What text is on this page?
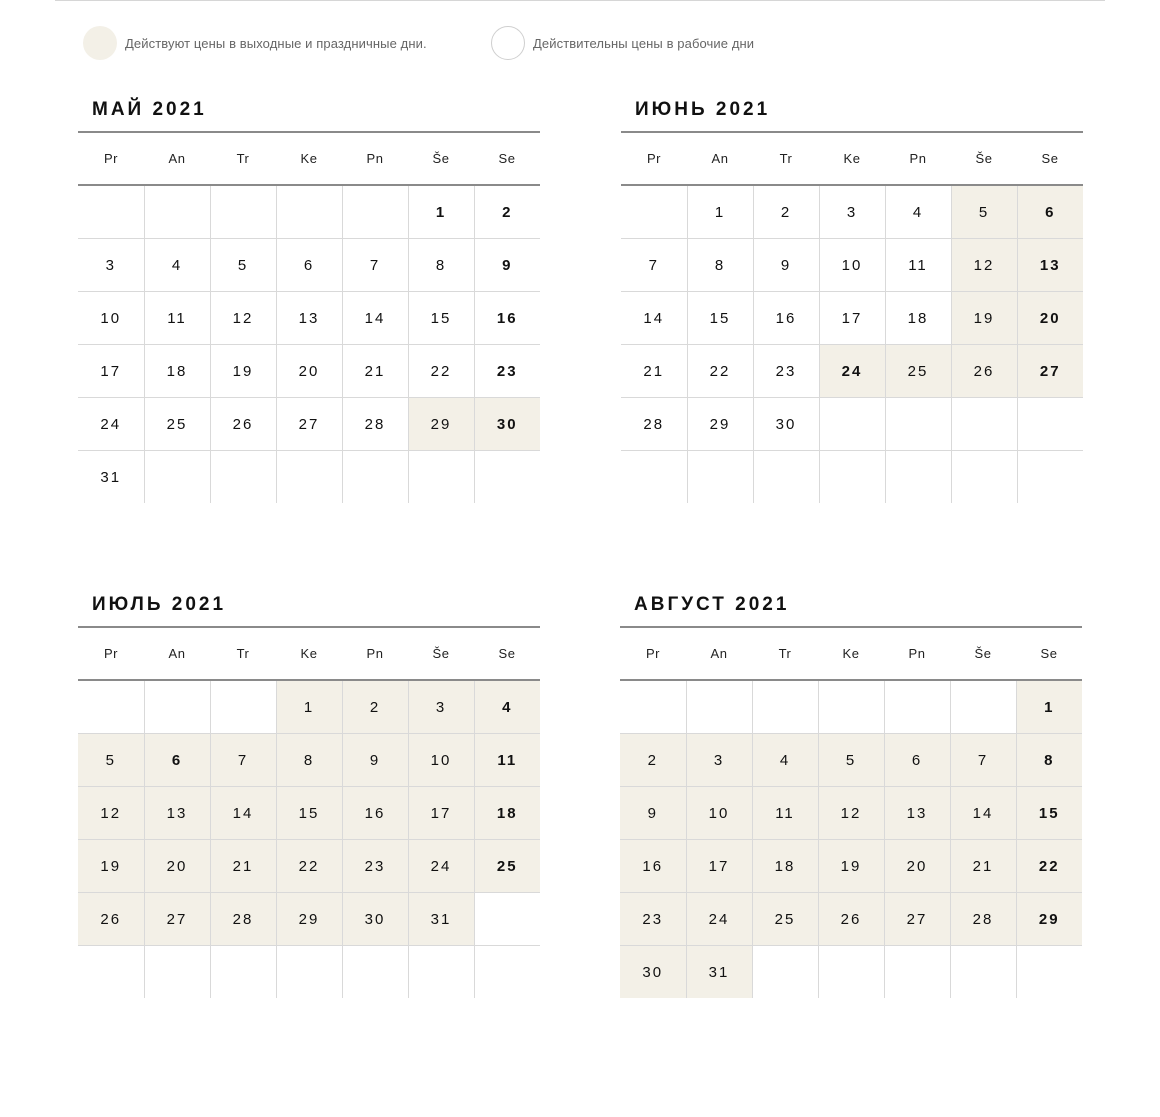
Действуют цены в выходные и праздничные дни.	Действительны цены в рабочие дни
МАЙ 2021
Pr	An	Tr	Ke	Pn	Še	Se
					1	2
3	4	5	6	7	8	9
10	11	12	13	14	15	16
17	18	19	20	21	22	23
24	25	26	27	28	29	30
31						
ИЮНЬ 2021
Pr	An	Tr	Ke	Pn	Še	Se
	1	2	3	4	5	6
7	8	9	10	11	12	13
14	15	16	17	18	19	20
21	22	23	24	25	26	27
28	29	30				

ИЮЛЬ 2021
Pr	An	Tr	Ke	Pn	Še	Se
			1	2	3	4
5	6	7	8	9	10	11
12	13	14	15	16	17	18
19	20	21	22	23	24	25
26	27	28	29	30	31	

АВГУСТ 2021
Pr	An	Tr	Ke	Pn	Še	Se
						1
2	3	4	5	6	7	8
9	10	11	12	13	14	15
16	17	18	19	20	21	22
23	24	25	26	27	28	29
30	31					
